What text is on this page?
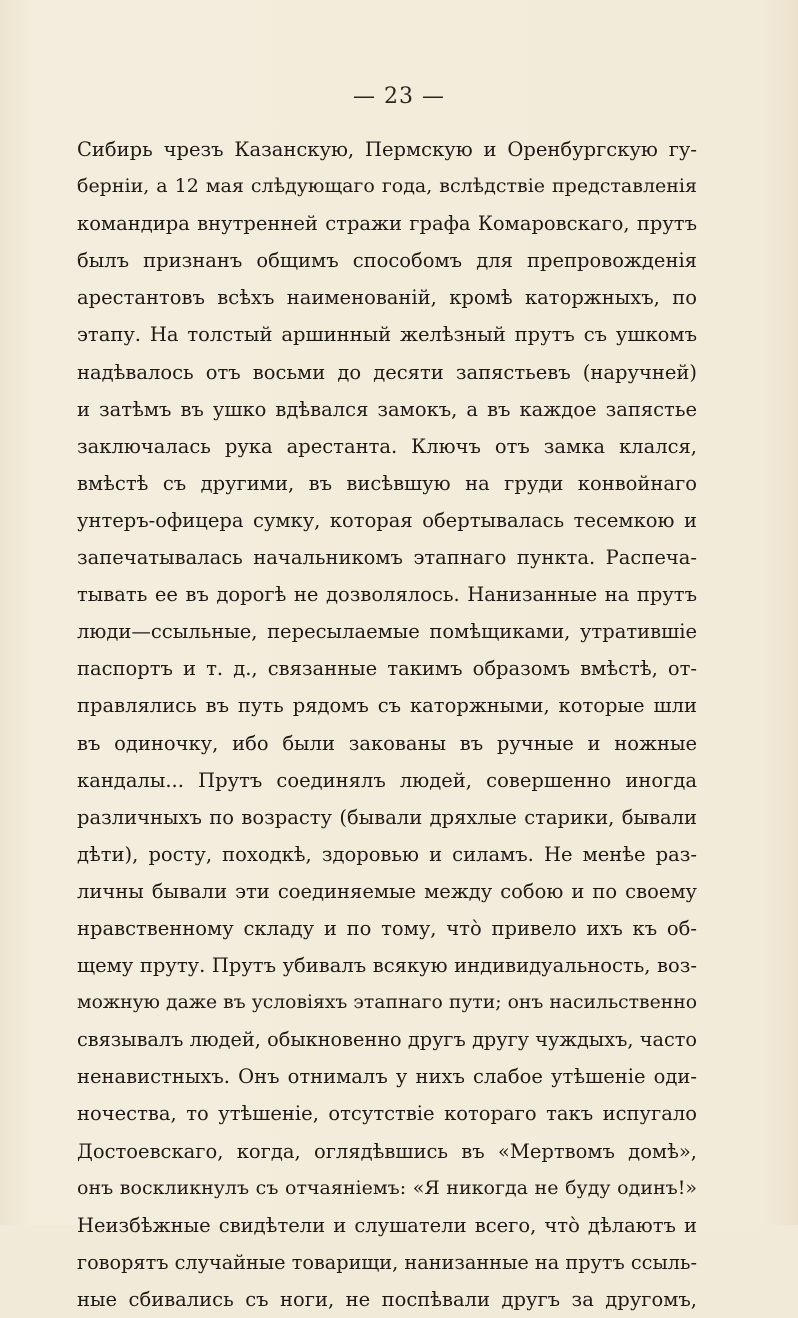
— 23 —
Сибирь чрезъ Казанскую, Пермскую и Оренбургскую гу-
берніи, а 12 мая слѣдующаго года, вслѣдствіе представленія
командира внутренней стражи графа Комаровскаго, прутъ
былъ признанъ общимъ способомъ для препровожденія
арестантовъ всѣхъ наименованій, кромѣ каторжныхъ, по
этапу. На толстый аршинный желѣзный прутъ съ ушкомъ
надѣвалось отъ восьми до десяти запястьевъ (наручней)
и затѣмъ въ ушко вдѣвался замокъ, а въ каждое запястье
заключалась рука арестанта. Ключъ отъ замка клался,
вмѣстѣ съ другими, въ висѣвшую на груди конвойнаго
унтеръ-офицера сумку, которая обертывалась тесемкою и
запечатывалась начальникомъ этапнаго пункта. Распеча-
тывать ее въ дорогѣ не дозволялось. Нанизанные на прутъ
люди—ссыльные, пересылаемые помѣщиками, утратившіе
паспортъ и т. д., связанные такимъ образомъ вмѣстѣ, от-
правлялись въ путь рядомъ съ каторжными, которые шли
въ одиночку, ибо были закованы въ ручные и ножные
кандалы... Прутъ соединялъ людей, совершенно иногда
различныхъ по возрасту (бывали дряхлые старики, бывали
дѣти), росту, походкѣ, здоровью и силамъ. Не менѣе раз-
личны бывали эти соединяемые между собою и по своему
нравственному складу и по тому, что̀ привело ихъ къ об-
щему пруту. Прутъ убивалъ всякую индивидуальность, воз-
можную даже въ условіяхъ этапнаго пути; онъ насильственно
связывалъ людей, обыкновенно другъ другу чуждыхъ, часто
ненавистныхъ. Онъ отнималъ у нихъ слабое утѣшеніе оди-
ночества, то утѣшеніе, отсутствіе котораго такъ испугало
Достоевскаго, когда, оглядѣвшись въ «Мертвомъ домѣ»,
онъ воскликнулъ съ отчаяніемъ: «Я никогда не буду одинъ!»
Неизбѣжные свидѣтели и слушатели всего, что̀ дѣлаютъ и
говорятъ случайные товарищи, нанизанные на прутъ ссыль-
ные сбивались съ ноги, не поспѣвали другъ за другомъ,
